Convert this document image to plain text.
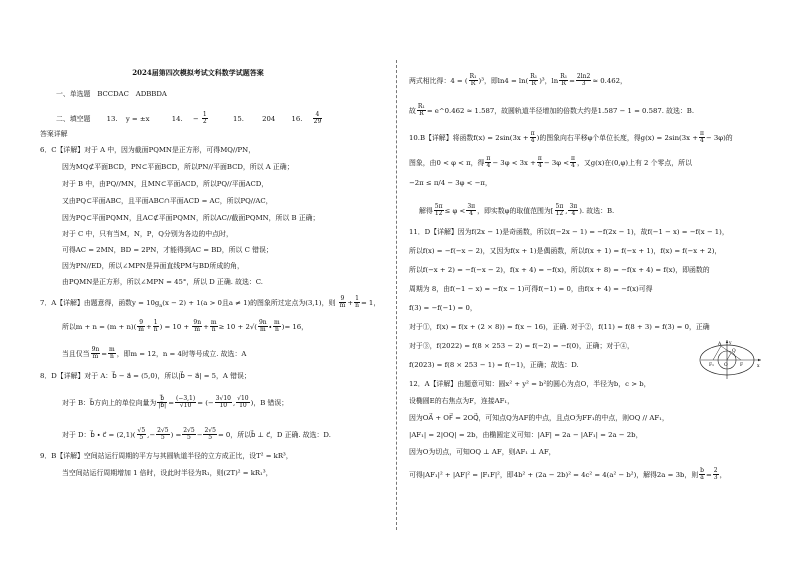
2024届第四次模拟考试文科数学试题答案
一、单选题　BCCDAC　ADBBDA
二、填空题 13. y = ±x	14. − $\frac{1}{2}$	15.	204 16. $\frac{4}{29}$
答案详解
6．C【详解】对于 A 中，因为截面PQMN是正方形，可得MQ//PN，
因为MQ⊄平面BCD，PN⊂平面BCD，所以PN//平面BCD，所以 A 正确；
对于 B 中，由PQ//MN，且MN⊂平面ACD，所以PQ//平面ACD，
又由PQ⊂平面ABC，且平面ABC∩平面ACD = AC，所以PQ//AC，
因为PQ⊂平面PQMN，且AC⊄平面PQMN，所以AC//截面PQMN，所以 B 正确；
对于 C 中，只有当M，N，P，Q分别为各边的中点时，
可得AC = 2MN，BD = 2PN，才能得到AC = BD，所以 C 错误；
因为PN//ED，所以∠MPN是异面直线PM与BD所成的角，
由PQMN是正方形，所以∠MPN = 45°，所以 D 正确. 故选：C.
7．A【详解】由题意得，函数$y = 10g_a(x - 2) + 1(a > 0$且a ≠ 1)的图象所过定点为(3,1)，则 $\frac{9}{m} + \frac{1}{n} = 1$，
所以$m + n = (m + n)( \frac{9}{m} + \frac{1}{n}$ ) = $10 + \frac{9n}{m} + \frac{m}{n} \ge 10 + 2√( \frac{9n}{m} \cdot \frac{m}{n}$ )= 16，
当且仅当 $\frac{9n}{m} = \frac{m}{n}$ ，即m = 12，n = 4时等号成立. 故选：A
8．D【详解】对于 A：b⃗ − a⃗ = (5,0)，所以|b⃗ − a⃗| = 5，A 错误；
对于 B：b⃗方向上的单位向量为 $\frac{b⃗}{|b⃗|} = \frac{(-3,1)}{√10}$ = (− $\frac{3√10}{10}$ , $\frac{√10}{10}$ )，B 错误；
对于 D：b⃗ ∙ c⃗ = $(2,1)( \frac{√5}{5}$ ,− $\frac{2√5}{5}$ ) = $\frac{2√5}{5} - \frac{2√5}{5} = 0$，所以b⃗ ⊥ c⃗，D 正确. 故选：D.
9．B【详解】空间站运行周期的平方与其圆轨道半径的立方成正比，设T² = kR³，
当空间站运行周期增加 1 倍时，设此时半径为R₁，则(2T)² = kR₁³，
两式相比得：4 = ( $\frac{\text{R₁}}{R} )^3$，即$\ln 4 = \ln( \frac{\text{R₁}}{R} )^3$，$\ln \frac{\text{R₁}}{R} = \frac{2\ln 2}{3} \approx 0.462$，
故 $\frac{\text{R₁}}{R}$ = e^0.462 ≈ 1.587，故圆轨道半径增加的倍数大约是1.587 − 1 = 0.587. 故选：B.
10.B【详解】将函数$f(x) = 2\sin(3x + \frac{\pi}{4}$ )的图象向右平移φ个单位长度，得$g(x) = 2\sin(3x + \frac{\pi}{4} - 3\varphi)$的
图象，由0 < φ < π，得 $\frac{\pi}{4} - 3\varphi < 3x + \frac{\pi}{4} - 3\varphi < \frac{\pi}{4}$ ，又g(x)在(0,φ)上有 2 个零点，所以
−2π ≤ π/4 − 3φ < −π，
解得 $\frac{5\pi}{12} \le \varphi < \frac{3\pi}{4}$ ，即实数φ的取值范围为[ $\frac{5\pi}{12}$ , $\frac{3\pi}{4}$ ). 故选：B.
11．D【详解】因为f(2x − 1)是奇函数，所以f(−2x − 1) = −f(2x − 1)，故f(−1 − x) = −f(x − 1)，
所以f(x) = −f(−x − 2)，又因为f(x + 1)是偶函数，所以f(x + 1) = f(−x + 1)，f(x) = f(−x + 2)，
所以f(−x + 2) = −f(−x − 2)，f(x + 4) = −f(x)，所以f(x + 8) = −f(x + 4) = f(x)，即函数的
周期为 8，由f(−1 − x) = −f(x − 1)可得f(−1) = 0，由f(x + 4) = −f(x)可得
f(3) = −f(−1) = 0，
对于①，f(x) = f(x + (2 × 8)) = f(x − 16)，正确. 对于②，f(11) = f(8 + 3) = f(3) = 0，正确
对于③，f(2022) = f(8 × 253 − 2) = f(−2) = −f(0)，正确；对于④，
f(2023) = f(8 × 253 − 1) = f(−1)，正确；故选：D.
12．A【详解】由题意可知：圆x² + y² = b²的圆心为点O，半径为b，c > b，
设椭圆E的右焦点为F，连接AF₁，
因为OA⃗ + OF⃗ = 2OQ⃗，可知点Q为AF的中点，且点O为FF₁的中点，则OQ // AF₁，
|AF₁| = 2|OQ| = 2b，由椭圆定义可知：|AF| = 2a − |AF₁| = 2a − 2b，
因为O为切点，可知OQ ⊥ AF，则AF₁ ⊥ AF，
可得|AF₁|² + |AF|² = |F₁F|²，即4b² + (2a − 2b)² = 4c² = 4(a² − b²)，解得2a = 3b，则 $\frac{b}{a} = \frac{2}{3}$ ，
x
y
O	F
F₁
A
Q
